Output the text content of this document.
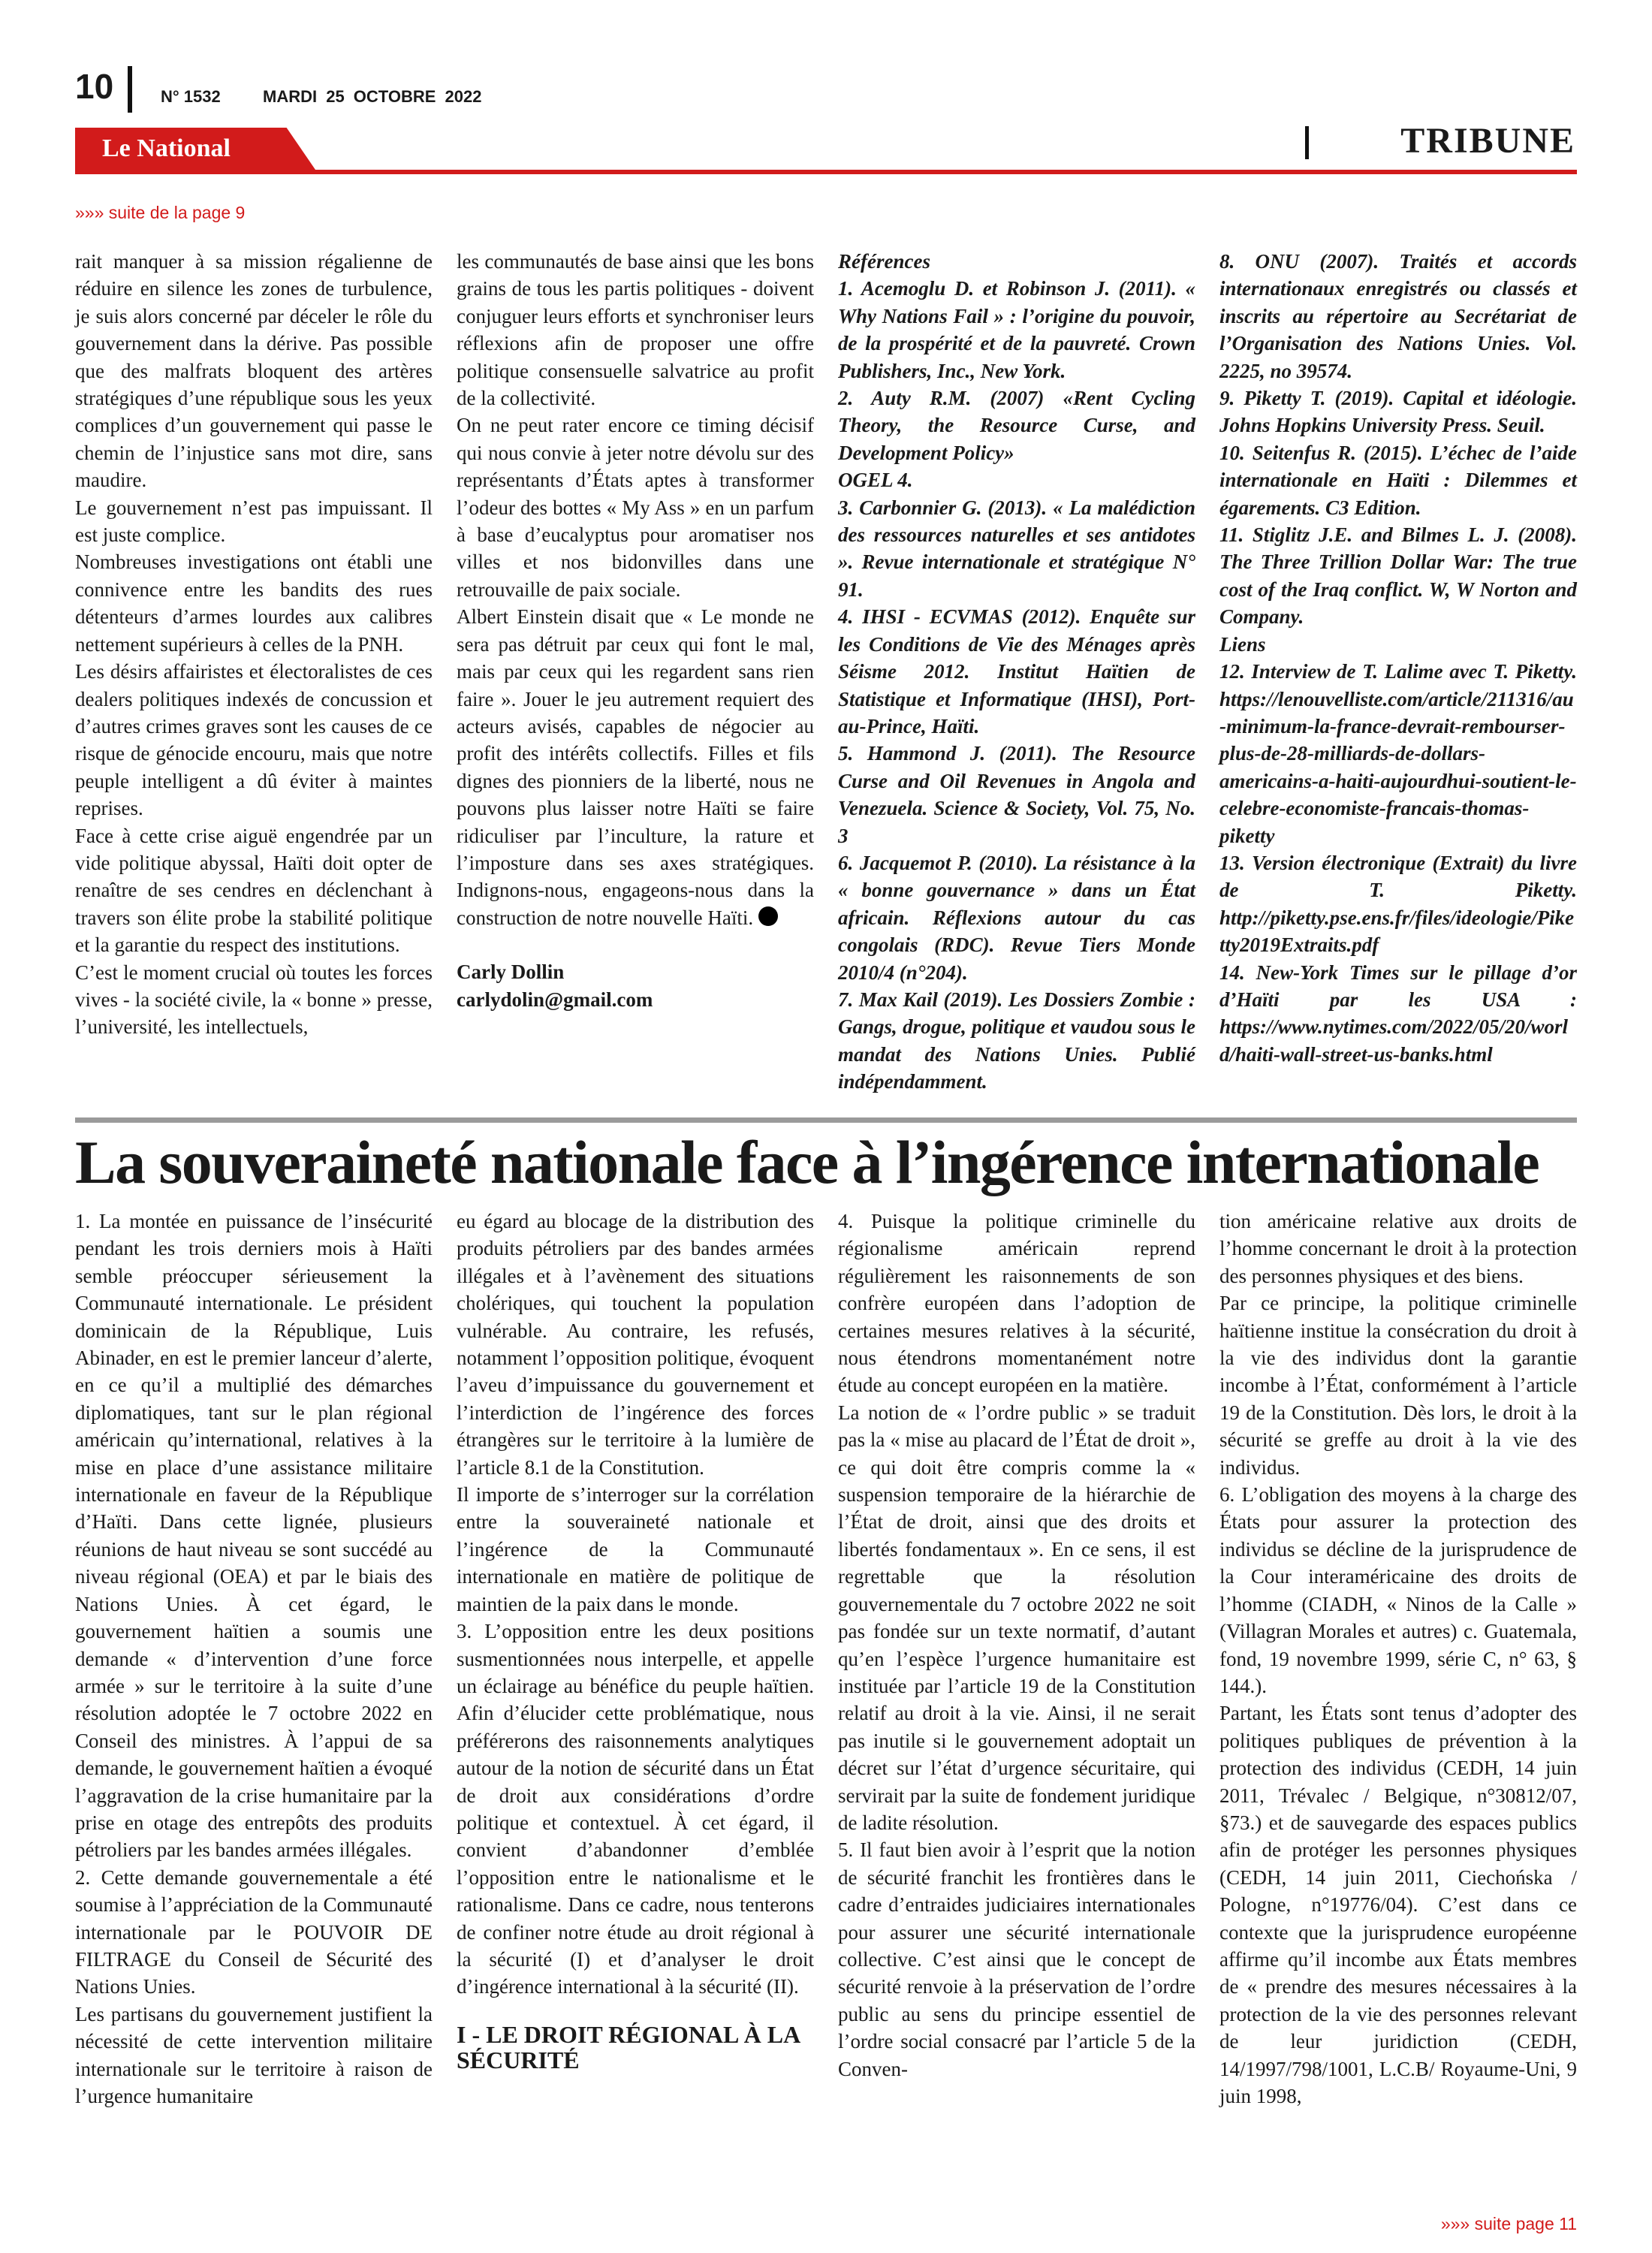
10	N° 1532	MARDI 25 OCTOBRE 2022
Le National	TRIBUNE
»»» suite de la page 9

rait manquer à sa mission régalienne de réduire en silence les zones de turbulence, je suis alors concerné par déceler le rôle du gouvernement dans la dérive. Pas possible que des malfrats bloquent des artères stratégiques d’une république sous les yeux complices d’un gouvernement qui passe le chemin de l’injustice sans mot dire, sans maudire.

Le gouvernement n’est pas impuissant. Il est juste complice.

Nombreuses investigations ont établi une connivence entre les bandits des rues détenteurs d’armes lourdes aux calibres nettement supérieurs à celles de la PNH.

Les désirs affairistes et électoralistes de ces dealers politiques indexés de concussion et d’autres crimes graves sont les causes de ce risque de génocide encouru, mais que notre peuple intelligent a dû éviter à maintes reprises.

Face à cette crise aiguë engendrée par un vide politique abyssal, Haïti doit opter de renaître de ses cendres en déclenchant à travers son élite probe la stabilité politique et la garantie du respect des institutions.

C’est le moment crucial où toutes les forces vives - la société civile, la « bonne » presse, l’université, les intellectuels,

les communautés de base ainsi que les bons grains de tous les partis politiques - doivent conjuguer leurs efforts et synchroniser leurs réflexions afin de proposer une offre politique consensuelle salvatrice au profit de la collectivité.

On ne peut rater encore ce timing décisif qui nous convie à jeter notre dévolu sur des représentants d’États aptes à transformer l’odeur des bottes « My Ass » en un parfum à base d’eucalyptus pour aromatiser nos villes et nos bidonvilles dans une retrouvaille de paix sociale.

Albert Einstein disait que « Le monde ne sera pas détruit par ceux qui font le mal, mais par ceux qui les regardent sans rien faire ». Jouer le jeu autrement requiert des acteurs avisés, capables de négocier au profit des intérêts collectifs. Filles et fils dignes des pionniers de la liberté, nous ne pouvons plus laisser notre Haïti se faire ridiculiser par l’inculture, la rature et l’imposture dans ses axes stratégiques. Indignons-nous, engageons-nous dans la construction de notre nouvelle Haïti.

Carly Dollin

carlydolin@gmail.com

Références

1. Acemoglu D. et Robinson J. (2011). « Why Nations Fail » : l’origine du pouvoir, de la prospérité et de la pauvreté. Crown Publishers, Inc., New York.

2. Auty R.M. (2007) «Rent Cycling Theory, the Resource Curse, and Development Policy»

OGEL 4.

3. Carbonnier G. (2013). « La malédiction des ressources naturelles et ses antidotes ». Revue internationale et stratégique N° 91.

4. IHSI - ECVMAS (2012). Enquête sur les Conditions de Vie des Ménages après Séisme 2012. Institut Haïtien de Statistique et Informatique (IHSI), Port-au-Prince, Haïti.

5. Hammond J. (2011). The Resource Curse and Oil Revenues in Angola and Venezuela. Science & Society, Vol. 75, No. 3

6. Jacquemot P. (2010). La résistance à la « bonne gouvernance » dans un État africain. Réflexions autour du cas congolais (RDC). Revue Tiers Monde 2010/4 (n°204).

7. Max Kail (2019). Les Dossiers Zombie : Gangs, drogue, politique et vaudou sous le mandat des Nations Unies. Publié indépendamment.

8. ONU (2007). Traités et accords internationaux enregistrés ou classés et inscrits au répertoire au Secrétariat de l’Organisation des Nations Unies. Vol. 2225, no 39574.

9. Piketty T. (2019). Capital et idéologie. Johns Hopkins University Press. Seuil.

10. Seitenfus R. (2015). L’échec de l’aide internationale en Haïti : Dilemmes et égarements. C3 Edition.

11. Stiglitz J.E. and Bilmes L. J. (2008). The Three Trillion Dollar War: The true cost of the Iraq conflict. W, W Norton and Company.

Liens

12. Interview de T. Lalime avec T. Piketty. https://lenouvelliste.com/article/211316/au-minimum-la-france-devrait-rembourser-plus-de-28-milliards-de-dollars-americains-a-haiti-aujourdhui-soutient-le-celebre-economiste-francais-thomas-piketty

13. Version électronique (Extrait) du livre de T. Piketty. http://piketty.pse.ens.fr/files/ideologie/Piketty2019Extraits.pdf

14. New-York Times sur le pillage d’or d’Haïti par les USA : https://www.nytimes.com/2022/05/20/world/haiti-wall-street-us-banks.html

La souveraineté nationale face à l’ingérence internationale

1. La montée en puissance de l’insécurité pendant les trois derniers mois à Haïti semble préoccuper sérieusement la Communauté internationale. Le président dominicain de la République, Luis Abinader, en est le premier lanceur d’alerte, en ce qu’il a multiplié des démarches diplomatiques, tant sur le plan régional américain qu’international, relatives à la mise en place d’une assistance militaire internationale en faveur de la République d’Haïti. Dans cette lignée, plusieurs réunions de haut niveau se sont succédé au niveau régional (OEA) et par le biais des Nations Unies. À cet égard, le gouvernement haïtien a soumis une demande « d’intervention d’une force armée » sur le territoire à la suite d’une résolution adoptée le 7 octobre 2022 en Conseil des ministres. À l’appui de sa demande, le gouvernement haïtien a évoqué l’aggravation de la crise humanitaire par la prise en otage des entrepôts des produits pétroliers par les bandes armées illégales.

2. Cette demande gouvernementale a été soumise à l’appréciation de la Communauté internationale par le POUVOIR DE FILTRAGE du Conseil de Sécurité des Nations Unies.

Les partisans du gouvernement justifient la nécessité de cette intervention militaire internationale sur le territoire à raison de l’urgence humanitaire

eu égard au blocage de la distribution des produits pétroliers par des bandes armées illégales et à l’avènement des situations cholériques, qui touchent la population vulnérable. Au contraire, les refusés, notamment l’opposition politique, évoquent l’aveu d’impuissance du gouvernement et l’interdiction de l’ingérence des forces étrangères sur le territoire à la lumière de l’article 8.1 de la Constitution.

Il importe de s’interroger sur la corrélation entre la souveraineté nationale et l’ingérence de la Communauté internationale en matière de politique de maintien de la paix dans le monde.

3. L’opposition entre les deux positions susmentionnées nous interpelle, et appelle un éclairage au bénéfice du peuple haïtien. Afin d’élucider cette problématique, nous préférerons des raisonnements analytiques autour de la notion de sécurité dans un État de droit aux considérations d’ordre politique et contextuel. À cet égard, il convient d’abandonner d’emblée l’opposition entre le nationalisme et le rationalisme. Dans ce cadre, nous tenterons de confiner notre étude au droit régional à la sécurité (I) et d’analyser le droit d’ingérence international à la sécurité (II).

I - LE DROIT RÉGIONAL À LA SÉCURITÉ

4. Puisque la politique criminelle du régionalisme américain reprend régulièrement les raisonnements de son confrère européen dans l’adoption de certaines mesures relatives à la sécurité, nous étendrons momentanément notre étude au concept européen en la matière.

La notion de « l’ordre public » se traduit pas la « mise au placard de l’État de droit », ce qui doit être compris comme la « suspension temporaire de la hiérarchie de l’État de droit, ainsi que des droits et libertés fondamentaux ». En ce sens, il est regrettable que la résolution gouvernementale du 7 octobre 2022 ne soit pas fondée sur un texte normatif, d’autant qu’en l’espèce l’urgence humanitaire est instituée par l’article 19 de la Constitution relatif au droit à la vie. Ainsi, il ne serait pas inutile si le gouvernement adoptait un décret sur l’état d’urgence sécuritaire, qui servirait par la suite de fondement juridique de ladite résolution.

5. Il faut bien avoir à l’esprit que la notion de sécurité franchit les frontières dans le cadre d’entraides judiciaires internationales pour assurer une sécurité internationale collective. C’est ainsi que le concept de sécurité renvoie à la préservation de l’ordre public au sens du principe essentiel de l’ordre social consacré par l’article 5 de la Conven-

tion américaine relative aux droits de l’homme concernant le droit à la protection des personnes physiques et des biens.

Par ce principe, la politique criminelle haïtienne institue la consécration du droit à la vie des individus dont la garantie incombe à l’État, conformément à l’article 19 de la Constitution. Dès lors, le droit à la sécurité se greffe au droit à la vie des individus.

6. L’obligation des moyens à la charge des États pour assurer la protection des individus se décline de la jurisprudence de la Cour interaméricaine des droits de l’homme (CIADH, « Ninos de la Calle » (Villagran Morales et autres) c. Guatemala, fond, 19 novembre 1999, série C, n° 63, § 144.).

Partant, les États sont tenus d’adopter des politiques publiques de prévention à la protection des individus (CEDH, 14 juin 2011, Trévalec / Belgique, n°30812/07, §73.) et de sauvegarde des espaces publics afin de protéger les personnes physiques (CEDH, 14 juin 2011, Ciechońska / Pologne, n°19776/04). C’est dans ce contexte que la jurisprudence européenne affirme qu’il incombe aux États membres de « prendre des mesures nécessaires à la protection de la vie des personnes relevant de leur juridiction (CEDH, 14/1997/798/1001, L.C.B/ Royaume-Uni, 9 juin 1998,

»»» suite page 11
